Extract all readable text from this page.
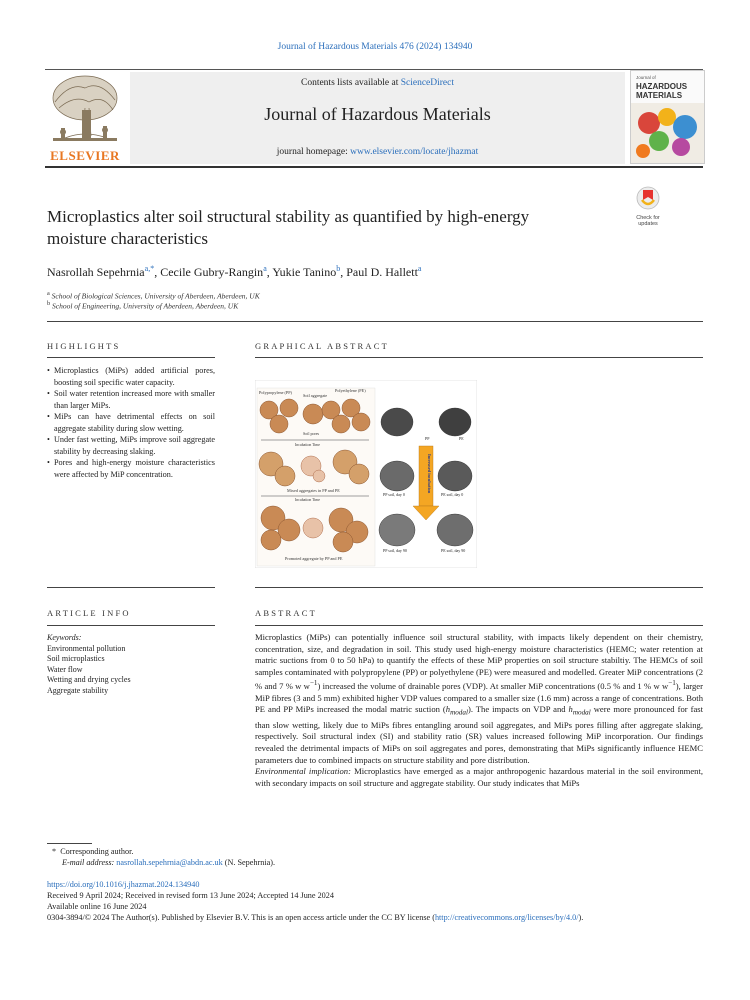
Journal of Hazardous Materials 476 (2024) 134940
ELSEVIER
Contents lists available at ScienceDirect
Journal of Hazardous Materials
journal homepage: www.elsevier.com/locate/jhazmat
Journal of
HAZARDOUS
MATERIALS
Check for
updates
Microplastics alter soil structural stability as quantified by high-energy
moisture characteristics
Nasrollah Sepehrnia$^{a,*}$, Cecile Gubry-Rangin$^a$, Yukie Tanino$^b$, Paul D. Hallett$^a$
$^a$ School of Biological Sciences, University of Aberdeen, Aberdeen, UK
$^b$ School of Engineering, University of Aberdeen, Aberdeen, UK
HIGHLIGHTS
• Microplastics (MiPs) added artificial pores, boosting soil specific water capacity.
• Soil water retention increased more with smaller than larger MiPs.
• MiPs can have detrimental effects on soil aggregate stability during slow wetting.
• Under fast wetting, MiPs improve soil aggregate stability by decreasing slaking.
• Pores and high-energy moisture characteristics were affected by MiP concentration.
GRAPHICAL ABSTRACT
Polypropylene (PP)
Soil aggregate
Polyethylene (PE)
Soil pores
Incubation Time
Mixed aggregates in PP and PE
Incubation Time
Promoted aggregate by PP and PE
PP	PE
PP soil, day 0	PE soil, day 0
PP soil, day 90	PE soil, day 90
Increased incubation
ARTICLE INFO
Keywords:
Environmental pollution
Soil microplastics
Water flow
Wetting and drying cycles
Aggregate stability
ABSTRACT

Microplastics (MiPs) can potentially influence soil structural stability, with impacts likely dependent on their chemistry, concentration, size, and degradation in soil. This study used high-energy moisture characteristics (HEMC; water retention at matric suctions from 0 to 50 hPa) to quantify the effects of these MiP properties on soil structure stabiltiy. The HEMCs of soil samples contaminated with polypropylene (PP) or polyethylene (PE) were measured and modelled. Greater MiP concentrations (2 % and 7 % w $w^{-1}$) increased the volume of drainable pores (VDP). At smaller MiP concentrations (0.5 % and 1 % w $w^{-1}$), larger MiP fibres (3 and 5 mm) exhibited higher VDP values compared to a smaller size (1.6 mm) across a range of concentrations. Both PE and PP MiPs increased the modal matric suction $(h_{modal})$. The impacts on VDP and $h_{modal}$ were more pronounced for fast than slow wetting, likely due to MiPs fibres entangling around soil aggregates, and MiPs pores filling after aggregate slaking, respectively. Soil structural index (SI) and stability ratio (SR) values increased following MiP incorporation. Our findings revealed the detrimental impacts of MiPs on soil aggregates and pores, demonstrating that MiPs significantly influence HEMC parameters due to combined impacts on structure stability and pore distribution.

Environmental implication: Microplastics have emerged as a major anthropogenic hazardous material in the soil environment, with secondary impacts on soil structure and aggregate stability. Our study indicates that MiPs

*  Corresponding author.
E-mail address: nasrollah.sepehrnia@abdn.ac.uk (N. Sepehrnia).
https://doi.org/10.1016/j.jhazmat.2024.134940
Received 9 April 2024; Received in revised form 13 June 2024; Accepted 14 June 2024
Available online 16 June 2024
0304-3894/© 2024 The Author(s). Published by Elsevier B.V. This is an open access article under the CC BY license (http://creativecommons.org/licenses/by/4.0/).
